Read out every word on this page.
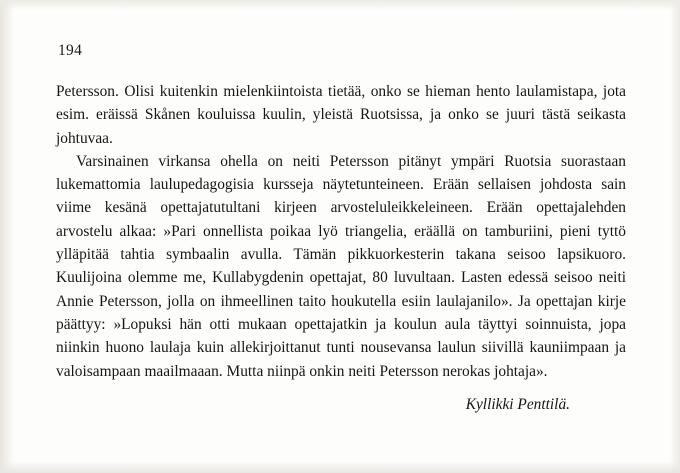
194

Petersson. Olisi kuitenkin mielenkiintoista tietää, onko se hieman hento laulamistapa, jota esim. eräissä Skånen kouluissa kuulin, yleistä Ruotsissa, ja onko se juuri tästä seikasta johtuvaa.

Varsinainen virkansa ohella on neiti Petersson pitänyt ympäri Ruotsia suorastaan lukemattomia laulupedagogisia kursseja näytetunteineen. Erään sellaisen johdosta sain viime kesänä opettajatutultani kirjeen arvosteluleikkeleineen. Erään opettajalehden arvostelu alkaa: »Pari onnellista poikaa lyö triangelia, eräällä on tamburiini, pieni tyttö ylläpitää tahtia symbaalin avulla. Tämän pikkuorkesterin takana seisoo lapsikuoro. Kuulijoina olemme me, Kullabygdenin opettajat, 80 luvultaan. Lasten edessä seisoo neiti Annie Petersson, jolla on ihmeellinen taito houkutella esiin laulajanilo». Ja opettajan kirje päättyy: »Lopuksi hän otti mukaan opettajatkin ja koulun aula täyttyi soinnuista, jopa niinkin huono laulaja kuin allekirjoittanut tunti nousevansa laulun siivillä kauniimpaan ja valoisampaan maailmaaan. Mutta niinpä onkin neiti Petersson nerokas johtaja».

Kyllikki Penttilä.
